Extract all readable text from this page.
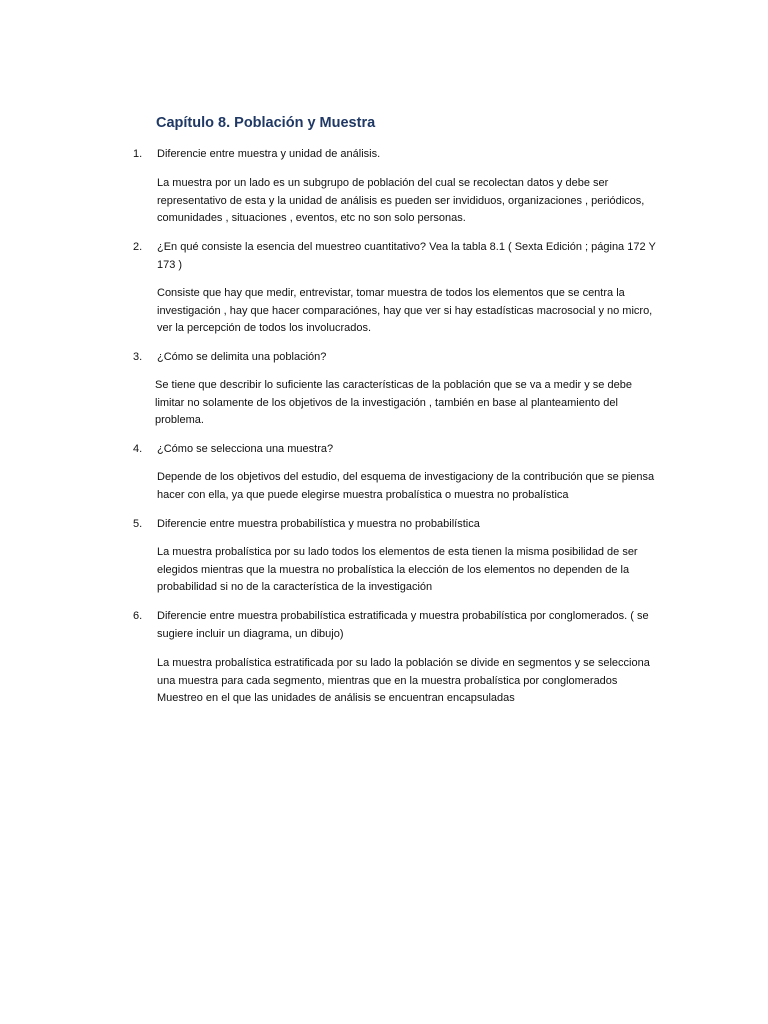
Capítulo 8. Población y Muestra
1.	Diferencie entre muestra y unidad de análisis.
La muestra por un lado es un subgrupo de población del cual se recolectan datos y debe ser representativo de esta y la unidad de análisis es pueden ser invididuos, organizaciones , periódicos, comunidades , situaciones , eventos, etc no son solo personas.
2.	¿En qué consiste la esencia del muestreo cuantitativo? Vea la tabla 8.1 ( Sexta Edición ; página 172 Y 173 )
Consiste que hay que medir, entrevistar, tomar muestra de todos los elementos que se centra la investigación , hay que hacer comparaciónes, hay que ver si hay estadísticas macrosocial y no micro, ver la percepción de todos los involucrados.
3.	¿Cómo se delimita una población?
Se tiene que describir lo suficiente las características de la población que se va a medir y se debe limitar no solamente de los objetivos de la investigación , también en base al planteamiento del problema.
4.	¿Cómo se selecciona una muestra?
Depende de los objetivos del estudio, del esquema de investigaciony de la contribución que se piensa hacer con ella, ya que puede elegirse muestra probalística o muestra no probalística
5.	Diferencie entre muestra probabilística y muestra no probabilística
La muestra probalística por su lado todos los elementos de esta tienen la misma posibilidad de ser elegidos mientras que la muestra no probalística la elección de los elementos no dependen de la probabilidad si no de la característica de la investigación
6.	Diferencie entre muestra probabilística estratificada y muestra probabilística por conglomerados. ( se sugiere incluir un diagrama, un dibujo)
La muestra probalística estratificada por su lado la población se divide en segmentos y se selecciona una muestra para cada segmento, mientras que en la muestra probalística por conglomerados Muestreo en el que las unidades de análisis se encuentran encapsuladas
